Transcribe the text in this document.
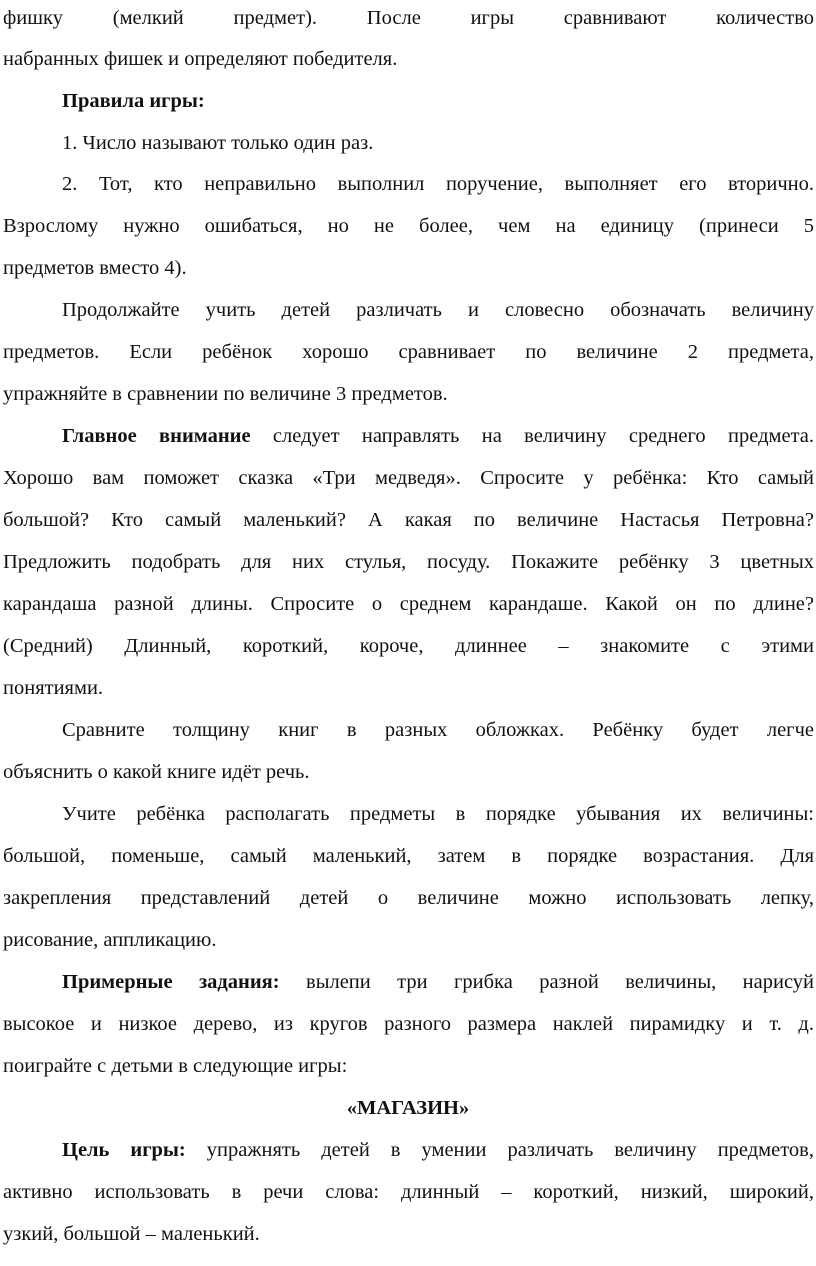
фишку (мелкий предмет). После игры сравнивают количество
набранных фишек и определяют победителя.
Правила игры:
1. Число называют только один раз.
2. Тот, кто неправильно выполнил поручение, выполняет его вторично.
Взрослому нужно ошибаться, но не более, чем на единицу (принеси 5
предметов вместо 4).
Продолжайте учить детей различать и словесно обозначать величину
предметов. Если ребёнок хорошо сравнивает по величине 2 предмета,
упражняйте в сравнении по величине 3 предметов.
Главное внимание следует направлять на величину среднего предмета.
Хорошо вам поможет сказка «Три медведя». Спросите у ребёнка: Кто самый
большой? Кто самый маленький? А какая по величине Настасья Петровна?
Предложить подобрать для них стулья, посуду. Покажите ребёнку 3 цветных
карандаша разной длины. Спросите о среднем карандаше. Какой он по длине?
(Средний) Длинный, короткий, короче, длиннее – знакомите с этими
понятиями.
Сравните толщину книг в разных обложках. Ребёнку будет легче
объяснить о какой книге идёт речь.
Учите ребёнка располагать предметы в порядке убывания их величины:
большой, поменьше, самый маленький, затем в порядке возрастания. Для
закрепления представлений детей о величине можно использовать лепку,
рисование, аппликацию.
Примерные задания: вылепи три грибка разной величины, нарисуй
высокое и низкое дерево, из кругов разного размера наклей пирамидку и т. д.
поиграйте с детьми в следующие игры:
«МАГАЗИН»
Цель игры: упражнять детей в умении различать величину предметов,
активно использовать в речи слова: длинный – короткий, низкий, широкий,
узкий, большой – маленький.
